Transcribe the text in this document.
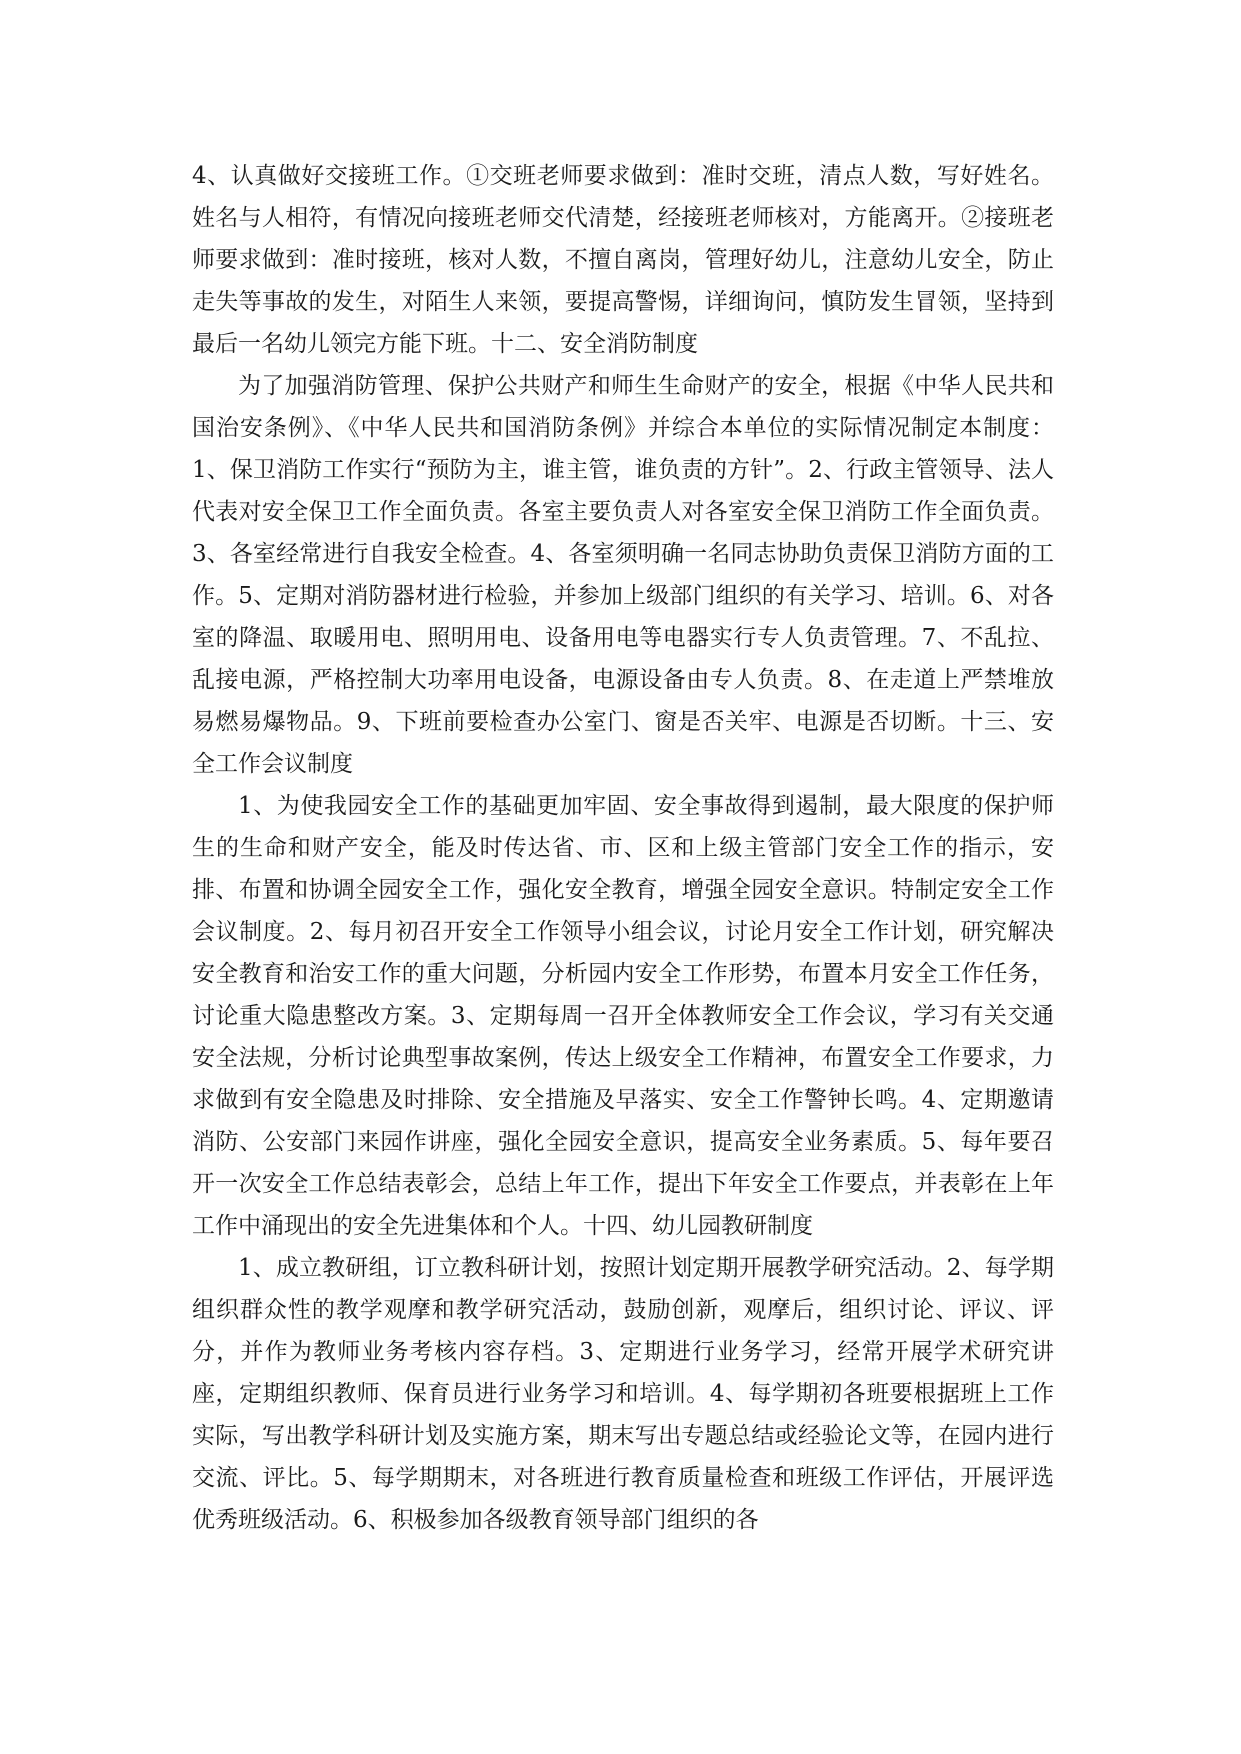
4、认真做好交接班工作。①交班老师要求做到：准时交班，清点人数，写好姓名。姓名与人相符，有情况向接班老师交代清楚，经接班老师核对，方能离开。②接班老师要求做到：准时接班，核对人数，不擅自离岗，管理好幼儿，注意幼儿安全，防止走失等事故的发生，对陌生人来领，要提高警惕，详细询问，慎防发生冒领，坚持到最后一名幼儿领完方能下班。十二、安全消防制度

为了加强消防管理、保护公共财产和师生生命财产的安全，根据《中华人民共和国治安条例》、《中华人民共和国消防条例》并综合本单位的实际情况制定本制度：1、保卫消防工作实行“预防为主，谁主管，谁负责的方针”。2、行政主管领导、法人代表对安全保卫工作全面负责。各室主要负责人对各室安全保卫消防工作全面负责。3、各室经常进行自我安全检查。4、各室须明确一名同志协助负责保卫消防方面的工作。5、定期对消防器材进行检验，并参加上级部门组织的有关学习、培训。6、对各室的降温、取暖用电、照明用电、设备用电等电器实行专人负责管理。7、不乱拉、乱接电源，严格控制大功率用电设备，电源设备由专人负责。8、在走道上严禁堆放易燃易爆物品。9、下班前要检查办公室门、窗是否关牢、电源是否切断。十三、安全工作会议制度

1、为使我园安全工作的基础更加牢固、安全事故得到遏制，最大限度的保护师生的生命和财产安全，能及时传达省、市、区和上级主管部门安全工作的指示，安排、布置和协调全园安全工作，强化安全教育，增强全园安全意识。特制定安全工作会议制度。2、每月初召开安全工作领导小组会议，讨论月安全工作计划，研究解决安全教育和治安工作的重大问题，分析园内安全工作形势，布置本月安全工作任务，讨论重大隐患整改方案。3、定期每周一召开全体教师安全工作会议，学习有关交通安全法规，分析讨论典型事故案例，传达上级安全工作精神，布置安全工作要求，力求做到有安全隐患及时排除、安全措施及早落实、安全工作警钟长鸣。4、定期邀请消防、公安部门来园作讲座，强化全园安全意识，提高安全业务素质。5、每年要召开一次安全工作总结表彰会，总结上年工作，提出下年安全工作要点，并表彰在上年工作中涌现出的安全先进集体和个人。十四、幼儿园教研制度

1、成立教研组，订立教科研计划，按照计划定期开展教学研究活动。2、每学期组织群众性的教学观摩和教学研究活动，鼓励创新，观摩后，组织讨论、评议、评分，并作为教师业务考核内容存档。3、定期进行业务学习，经常开展学术研究讲座，定期组织教师、保育员进行业务学习和培训。4、每学期初各班要根据班上工作实际，写出教学科研计划及实施方案，期末写出专题总结或经验论文等，在园内进行交流、评比。5、每学期期末，对各班进行教育质量检查和班级工作评估，开展评选优秀班级活动。6、积极参加各级教育领导部门组织的各
